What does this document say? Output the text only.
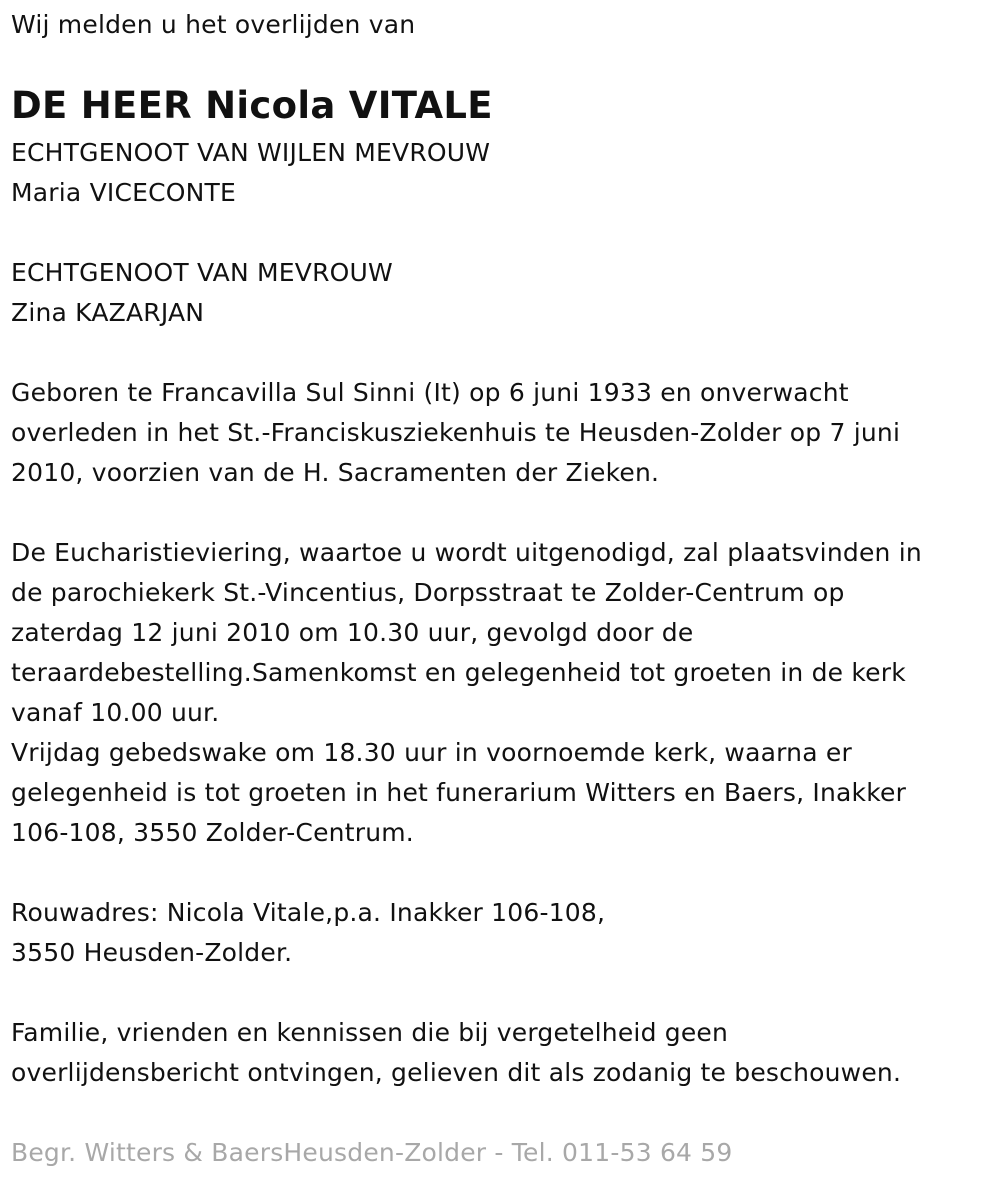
Wij melden u het overlijden van
DE HEER Nicola VITALE
ECHTGENOOT VAN WIJLEN MEVROUW
Maria VICECONTE
ECHTGENOOT VAN MEVROUW
Zina KAZARJAN
Geboren te Francavilla Sul Sinni (It) op 6 juni 1933 en onverwacht
overleden in het St.-Franciskusziekenhuis te Heusden-Zolder op 7 juni
2010, voorzien van de H. Sacramenten der Zieken.
De Eucharistieviering, waartoe u wordt uitgenodigd, zal plaatsvinden in
de parochiekerk St.-Vincentius, Dorpsstraat te Zolder-Centrum op
zaterdag 12 juni 2010 om 10.30 uur, gevolgd door de
teraardebestelling.Samenkomst en gelegenheid tot groeten in de kerk
vanaf 10.00 uur.
Vrijdag gebedswake om 18.30 uur in voornoemde kerk, waarna er
gelegenheid is tot groeten in het funerarium Witters en Baers, Inakker
106-108, 3550 Zolder-Centrum.
Rouwadres: Nicola Vitale,p.a. Inakker 106-108,
3550 Heusden-Zolder.
Familie, vrienden en kennissen die bij vergetelheid geen
overlijdensbericht ontvingen, gelieven dit als zodanig te beschouwen.
Begr. Witters & BaersHeusden-Zolder - Tel. 011-53 64 59
